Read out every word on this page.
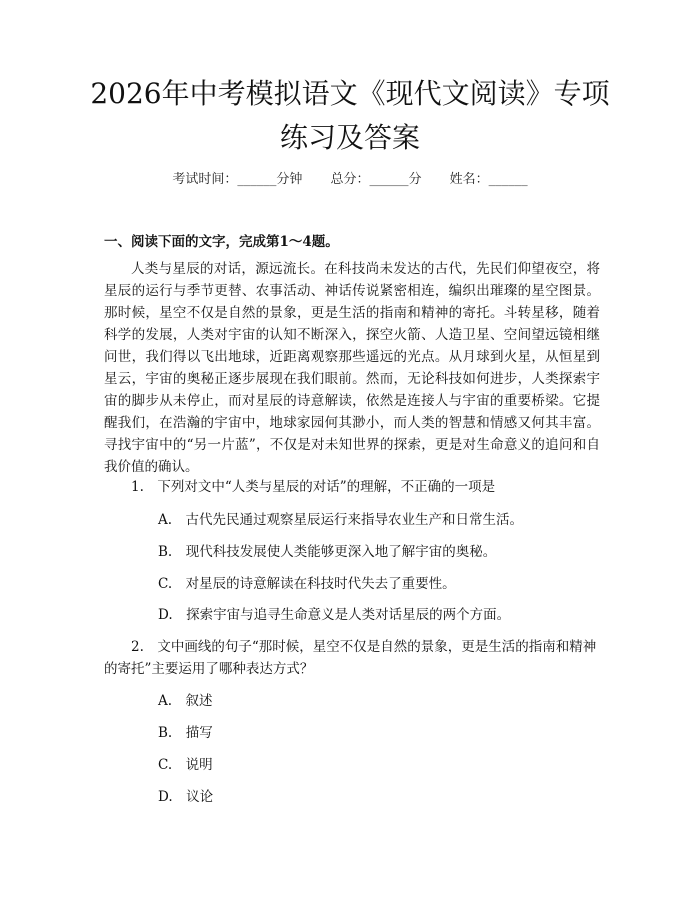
2026年中考模拟语文《现代文阅读》专项练习及答案
考试时间：______分钟 总分：______分 姓名：______
一、阅读下面的文字，完成第1～4题。
人类与星辰的对话，源远流长。在科技尚未发达的古代，先民们仰望夜空，将星辰的运行与季节更替、农事活动、神话传说紧密相连，编织出璀璨的星空图景。那时候，星空不仅是自然的景象，更是生活的指南和精神的寄托。斗转星移，随着科学的发展，人类对宇宙的认知不断深入，探空火箭、人造卫星、空间望远镜相继问世，我们得以飞出地球，近距离观察那些遥远的光点。从月球到火星，从恒星到星云，宇宙的奥秘正逐步展现在我们眼前。然而，无论科技如何进步，人类探索宇宙的脚步从未停止，而对星辰的诗意解读，依然是连接人与宇宙的重要桥梁。它提醒我们，在浩瀚的宇宙中，地球家园何其渺小，而人类的智慧和情感又何其丰富。寻找宇宙中的“另一片蓝”，不仅是对未知世界的探索，更是对生命意义的追问和自我价值的确认。
1.　下列对文中“人类与星辰的对话”的理解，不正确的一项是
A.　古代先民通过观察星辰运行来指导农业生产和日常生活。
B.　现代科技发展使人类能够更深入地了解宇宙的奥秘。
C.　对星辰的诗意解读在科技时代失去了重要性。
D.　探索宇宙与追寻生命意义是人类对话星辰的两个方面。
2.　文中画线的句子“那时候，星空不仅是自然的景象，更是生活的指南和精神的寄托”主要运用了哪种表达方式？
A.　叙述
B.　描写
C.　说明
D.　议论
